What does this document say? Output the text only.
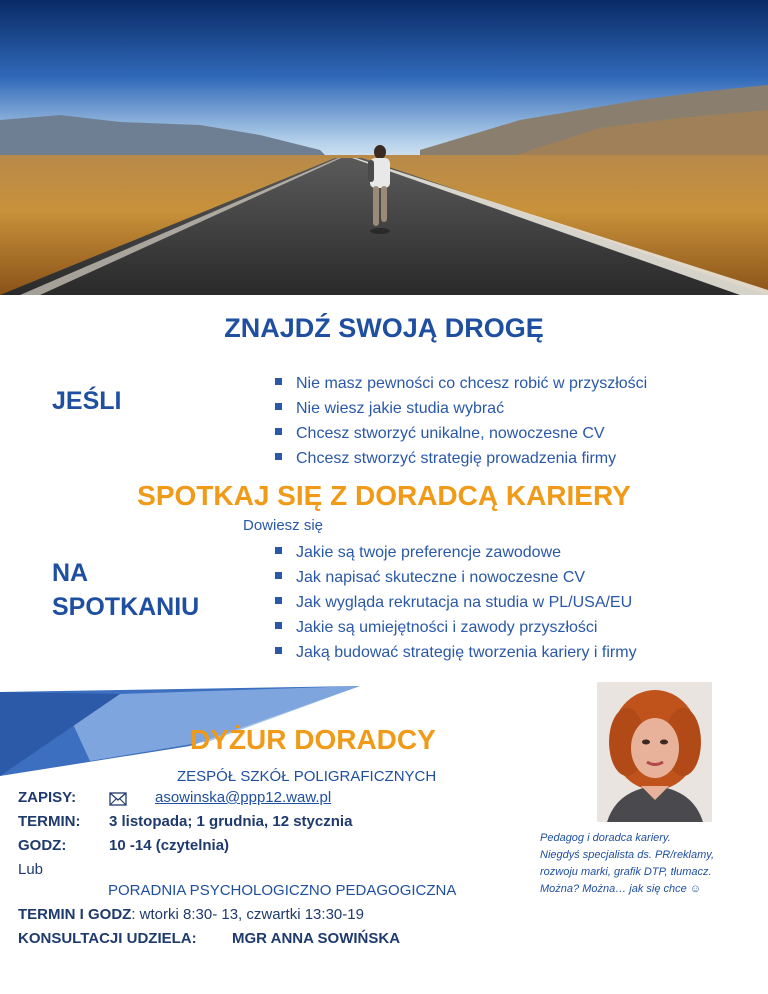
ZNAJDŹ SWOJĄ DROGĘ
JEŚLI
Nie masz pewności co chcesz robić w przyszłości
Nie wiesz jakie studia wybrać
Chcesz stworzyć unikalne, nowoczesne CV
Chcesz stworzyć strategię prowadzenia firmy
SPOTKAJ SIĘ Z DORADCĄ KARIERY
Dowiesz się
NA
SPOTKANIU
Jakie są twoje preferencje zawodowe
Jak napisać skuteczne i nowoczesne CV
Jak wygląda rekrutacja na studia w PL/USA/EU
Jakie są umiejętności i zawody przyszłości
Jaką budować strategię tworzenia kariery i firmy
DYŻUR DORADCY
ZESPÓŁ SZKÓŁ POLIGRAFICZNYCH
ZAPISY:	asowinska@ppp12.waw.pl
TERMIN: 3 listopada; 1 grudnia, 12 stycznia
GODZ:	10 -14 (czytelnia)
Lub
PORADNIA PSYCHOLOGICZNO PEDAGOGICZNA
TERMIN I GODZ: wtorki 8:30- 13, czwartki 13:30-19
KONSULTACJI UDZIELA: MGR ANNA SOWIŃSKA
Pedagog i doradca kariery.
Niegdyś specjalista ds. PR/reklamy,
rozwoju marki, grafik DTP, tłumacz.
Można? Można… jak się chce ☺
